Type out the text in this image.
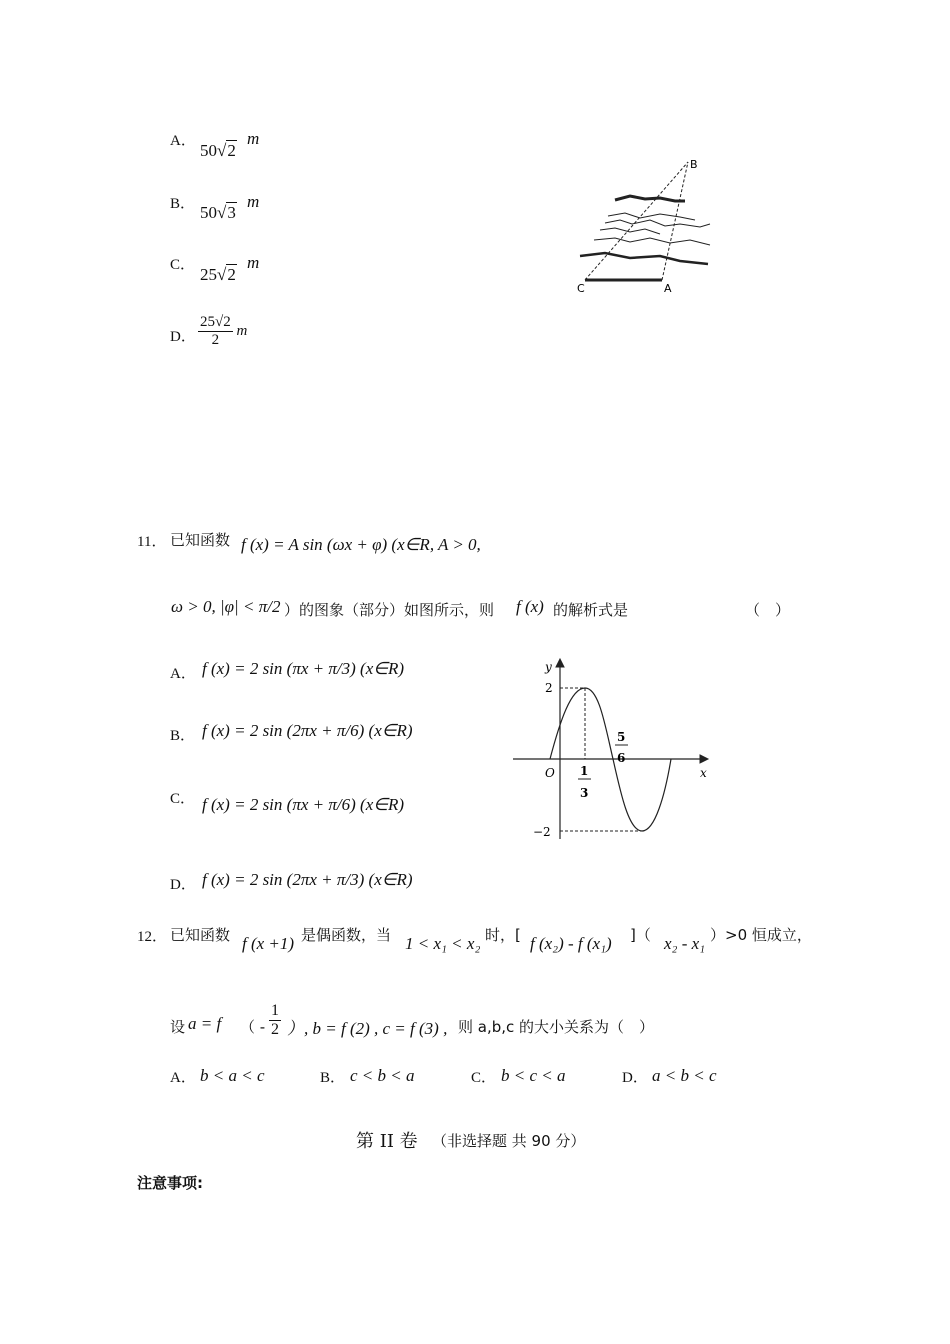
A． 50√2
m
B． 50√3
m
C． 25√2
m
D． $\frac{25√2}{2}$ m
B
C	A
11． 已知函数 f (x) = A sin (ωx + φ) (x∈R, A > 0,
ω > 0, |φ| < π/2 ）的图象（部分）如图所示，则 f (x) 的解析式是	（　）
A． f (x) = 2 sin (πx + π/3) (x∈R)
B． f (x) = 2 sin (2πx + π/6) (x∈R)
C． f (x) = 2 sin (πx + π/6) (x∈R)
D． f (x) = 2 sin (2πx + π/3) (x∈R)
y
x
O
2
−2
1
3
5
6
12． 已知函数 f (x +1) 是偶函数，当 1 < x₁ < x₂ 时，[ f (x₂) - f (x₁) ]（ x₂ - x₁ ）>0 恒成立，
设 a = f （ - $\frac{1}{2}$ ）, b = f (2) , c = f (3) , 则 a,b,c 的大小关系为（　）
A． b < a < c	B． c < b < a	C． b < c < a	D． a < b < c
第 II 卷 （非选择题 共 90 分）
注意事项:
